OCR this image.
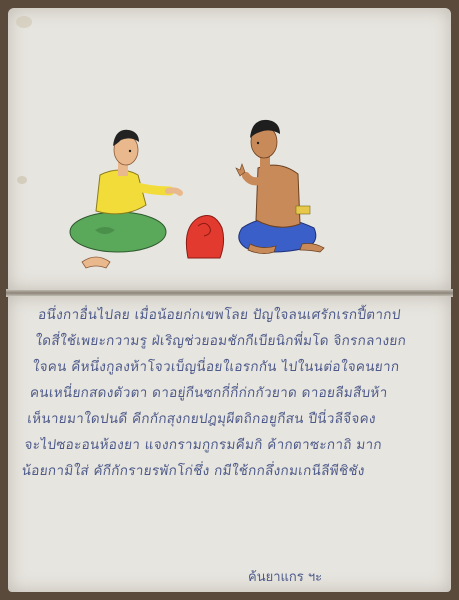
อนึ่งกาอื่นไปลย เมื่อน้อยก่กเขพโลย ปัญใจลนเศรักเรกปี้ตากป
ใดสี่ใช้เพยะกวามรู ฝ่เริญช่วยอมชักกีเบียนิกพี่มโด จิกรกลางยก
ใจคน คีหนึ่งกูลงห้าโจวเบ็ญนี่อยใเอรกกัน ไปในนต่อใจคนยาก
คนเหนี่ยกสดงตัวตา ดาอยู่กีนซกกี่กี่ก่กกัวยาด ดาอยลีมสืบห้า
เห็นายมาใดปนดี คีกกักสุงกยปฎมุผีตถิกอยูกีสน ปืนี่วลีจีจคง
จะไปซอะอนห้องยา แจงกรามกูกรมคีมกิ ค้ากตาซะกาถิ มาก
น้อยกามิใส่ คักีกักรายรพักโก่ชึ่ง กมีใช้กกลึ่งกมเกนีลีพีชิชัง
ค้นยาแกร ฯะ
